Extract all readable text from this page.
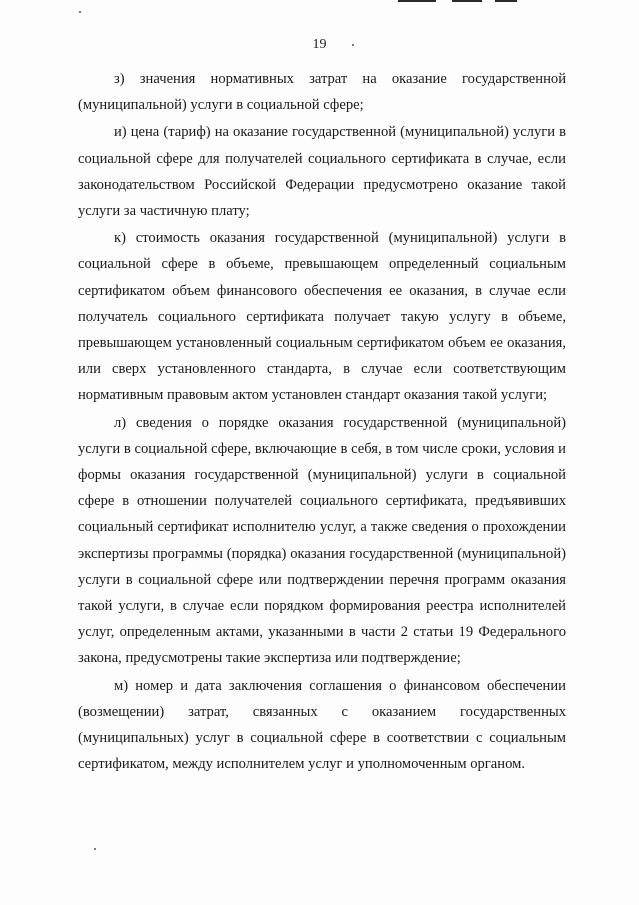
19

з) значения нормативных затрат на оказание государственной (муниципальной) услуги в социальной сфере;

и) цена (тариф) на оказание государственной (муниципальной) услуги в социальной сфере для получателей социального сертификата в случае, если законодательством Российской Федерации предусмотрено оказание такой услуги за частичную плату;

к) стоимость оказания государственной (муниципальной) услуги в социальной сфере в объеме, превышающем определенный социальным сертификатом объем финансового обеспечения ее оказания, в случае если получатель социального сертификата получает такую услугу в объеме, превышающем установленный социальным сертификатом объем ее оказания, или сверх установленного стандарта, в случае если соответствующим нормативным правовым актом установлен стандарт оказания такой услуги;

л) сведения о порядке оказания государственной (муниципальной) услуги в социальной сфере, включающие в себя, в том числе сроки, условия и формы оказания государственной (муниципальной) услуги в социальной сфере в отношении получателей социального сертификата, предъявивших социальный сертификат исполнителю услуг, а также сведения о прохождении экспертизы программы (порядка) оказания государственной (муниципальной) услуги в социальной сфере или подтверждении перечня программ оказания такой услуги, в случае если порядком формирования реестра исполнителей услуг, определенным актами, указанными в части 2 статьи 19 Федерального закона, предусмотрены такие экспертиза или подтверждение;

м) номер и дата заключения соглашения о финансовом обеспечении (возмещении) затрат, связанных с оказанием государственных (муниципальных) услуг в социальной сфере в соответствии с социальным сертификатом, между исполнителем услуг и уполномоченным органом.
